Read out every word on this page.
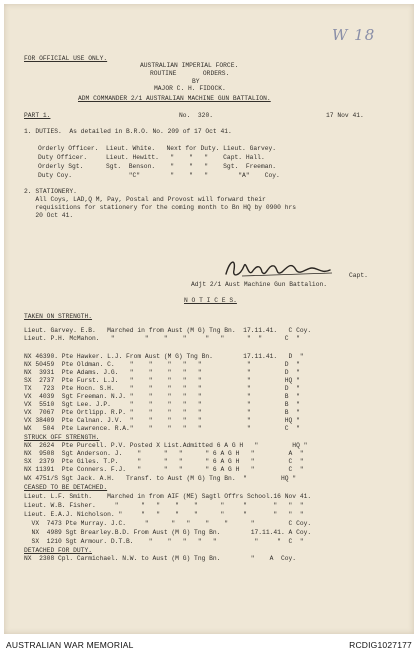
W 18
FOR OFFICIAL USE ONLY.
AUSTRALIAN IMPERIAL FORCE.
ROUTINE       ORDERS.
BY
MAJOR C. H. FIDOCK.
ADM COMMANDER 2/1 AUSTRALIAN MACHINE GUN BATTALION.
PART 1.	No.  320.	17 Nov 41.
1. DUTIES.  As detailed in B.R.O. No. 209 of 17 Oct 41.
Orderly Officer.  Lieut. White.   Next for Duty. Lieut. Garvey.
Duty Officer.     Lieut. Hewitt.   "    "   "    Capt. Hall.
Orderly Sgt.      Sgt.  Benson.    "    "   "    Sgt.  Freeman.
Duty Coy.               "C"        "    "   "        "A"    Coy.
2. STATIONERY.
All Coys, LAD,Q M, Pay, Postal and Provost will forward their
requisitions for stationery for the coming month to Bn HQ by 0900 hrs
20 Oct 41.
Capt.
Adjt 2/1 Aust Machine Gun Battalion.
N O T I C E S.
TAKEN ON STRENGTH.
Lieut. Garvey. E.B.   Marched in from Aust (M G) Tng Bn.  17.11.41.   C Coy.
Lieut. P.H. McMahon.   "        "    "    "     "   "      "  "      C  "
NX 46390. Pte Hawker. L.J. From Aust (M G) Tng Bn.        17.11.41.   D  "
NX 50459  Pte Oldman. C.    "    "    "   "   "            "         D  "
NX  3931  Pte Adams. J.G.   "    "    "   "   "            "         D  "
SX  2737  Pte Furst. L.J.   "    "    "   "   "            "         HQ "
TX   723  Pte Hocn. S.H.    "    "    "   "   "            "         D  "
VX  4039  Sgt Freeman. N.J. "    "    "   "   "            "         B  "
VX  5510  Sgt Lee. J.P.     "    "    "   "   "            "         B  "
VX  7067  Pte Ortlipp. R.P. "    "    "   "   "            "         B  "
VX 38409  Pte Calnan. J.V.  "    "    "   "   "            "         HQ "
WX   504  Pte Lawrence. R.A."    "    "   "   "            "         C  "
STRUCK OFF STRENGTH.
NX  2624  Pte Purcell. P.V. Posted X List.Admitted 6 A G H   "         HQ "
NX  9508  Sgt Anderson. J.    "      "   "      " 6 A G H   "         A  "
SX  2379  Pte Giles. T.P.     "      "   "      " 6 A G H   "         C  "
NX 11391  Pte Conners. F.J.   "      "   "      " 6 A G H   "         C  "
WX 4751/S Sgt Jack. A.H.   Transf. to Aust (M G) Tng Bn.  "         HQ "
CEASED TO BE DETACHED.
Lieut. L.F. Smith.    Marched in from AIF (ME) Sagtl Offrs School.16 Nov 41.
Lieut. W.B. Fisher.     "      "   "    "    "      "     "       "   "  "
Lieut. E.A.J. Nicholson. "     "   "    "    "      "     "       "   "  "
VX  7473 Pte Murray. J.C.     "      "   "    "    "      "         C Coy.
NX  4989 Sgt Brearley.B.D. From Aust (M G) Tng Bn.        17.11.41. A Coy.
SX  1210 Sgt Armour. D.T.B.    "    "   "   "   "          "     "  C  "
DETACHED FOR DUTY.
NX  2308 Cpl. Carmichael. N.W. to Aust (M G) Tng Bn.        "    A  Coy.
AUSTRALIAN WAR MEMORIAL	RCDIG1027177
